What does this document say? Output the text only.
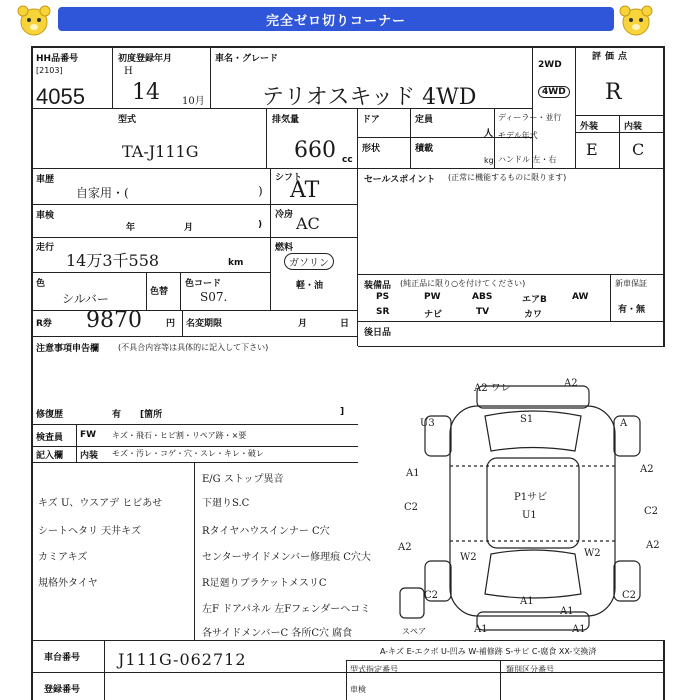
完全ゼロ切りコーナー
HH品番号
[2103]
4055
初度登録年月
H
14 10月
車名・グレード
テリオスキッド 4WD
2WD
4WD
評価点
R
外装	内装
E C
型式
TA-J111G
排気量
660 cc
ドア	定員
人
形状	積載
kg
ディーラー・並行
モデル年式
ハンドル 左・右
車歴
自家用・(	)
シフト
AT
車検
年	月	)
冷房 AC
走行
14万3千558	km
燃料
ガソリン
軽・油
色
シルバー	色替
色コード
S07.
R券 9870	円 名変期限	月	日
注意事項申告欄 (不具合内容等は具体的に記入して下さい)
修復歴	有 [箇所	]
検査員 FW キズ・飛石・ヒビ割・リペア跡・×要
記入欄 内装 モズ・汚レ・コゲ・穴・スレ・キレ・破レ
セールスポイント (正常に機能するものに限ります)
装備品 (純正品に限り○を付けてください)	新車保証
有・無
PS	PW	ABS	エアB	AW
SR	ナビ	TV	カワ
後日品
E/G ストップ異音
下廻りS.C
Rタイヤハウスインナー C穴
センターサイドメンバー修理痕 C穴大
R足廻りブラケットメスリC
左F ドアパネル 左Fフェンダーヘコミ
各サイドメンバーC 各所C穴 腐食
キズ U、ウスアデ ヒビあせ
シートヘタリ 天井キズ
カミアキズ
規格外タイヤ
A2 ワレ	A2
S1
U3	A
A1	A2
C2	C2
A2	A2
W2	W2
C2	C2
A1
A1	A1
A1
P1サビ
U1
スペア
A-キズ E-エクボ U-凹み W-補修跡 S-サビ C-腐食 XX-交換済
車台番号 J111G-062712
登録番号
型式指定番号	類別区分番号
車検
